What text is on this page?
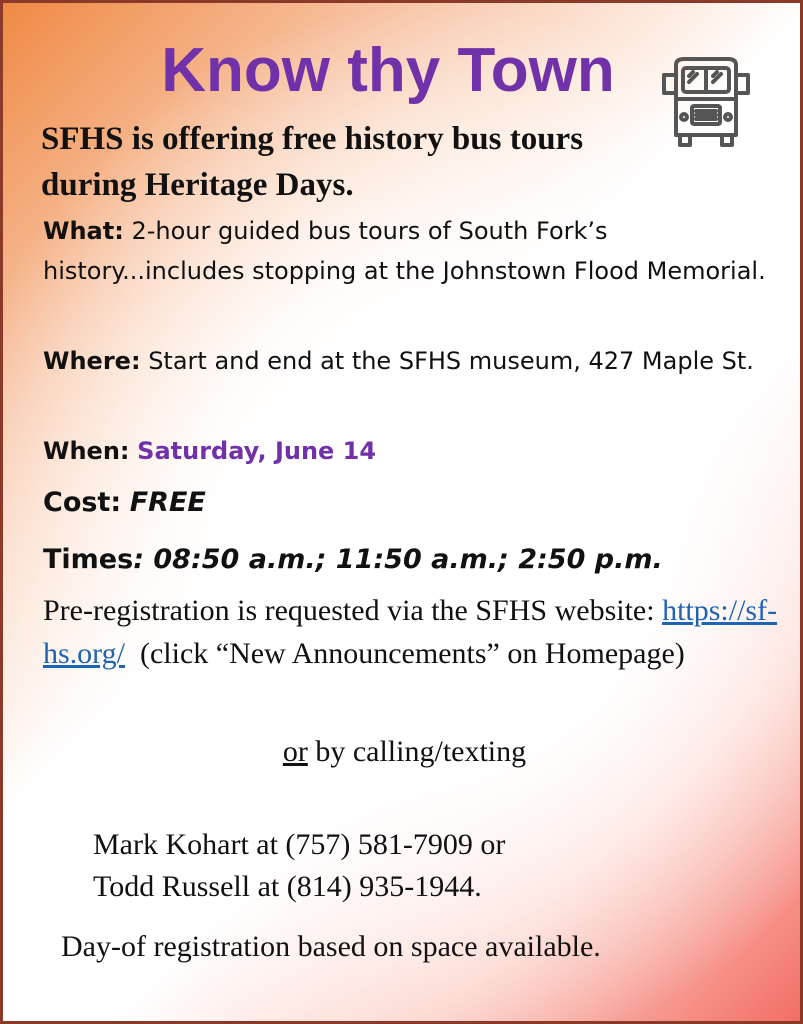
Know thy Town

SFHS is offering free history bus tours during Heritage Days.

What: 2-hour guided bus tours of South Fork’s history...includes stopping at the Johnstown Flood Memorial.

Where: Start and end at the SFHS museum, 427 Maple St.

When: Saturday, June 14

Cost: FREE

Times: 08:50 a.m.; 11:50 a.m.; 2:50 p.m.

Pre-registration is requested via the SFHS website: https://sf-hs.org/ (click “New Announcements” on Homepage)

or by calling/texting

Mark Kohart at (757) 581-7909 or

Todd Russell at (814) 935-1944.

Day-of registration based on space available.
